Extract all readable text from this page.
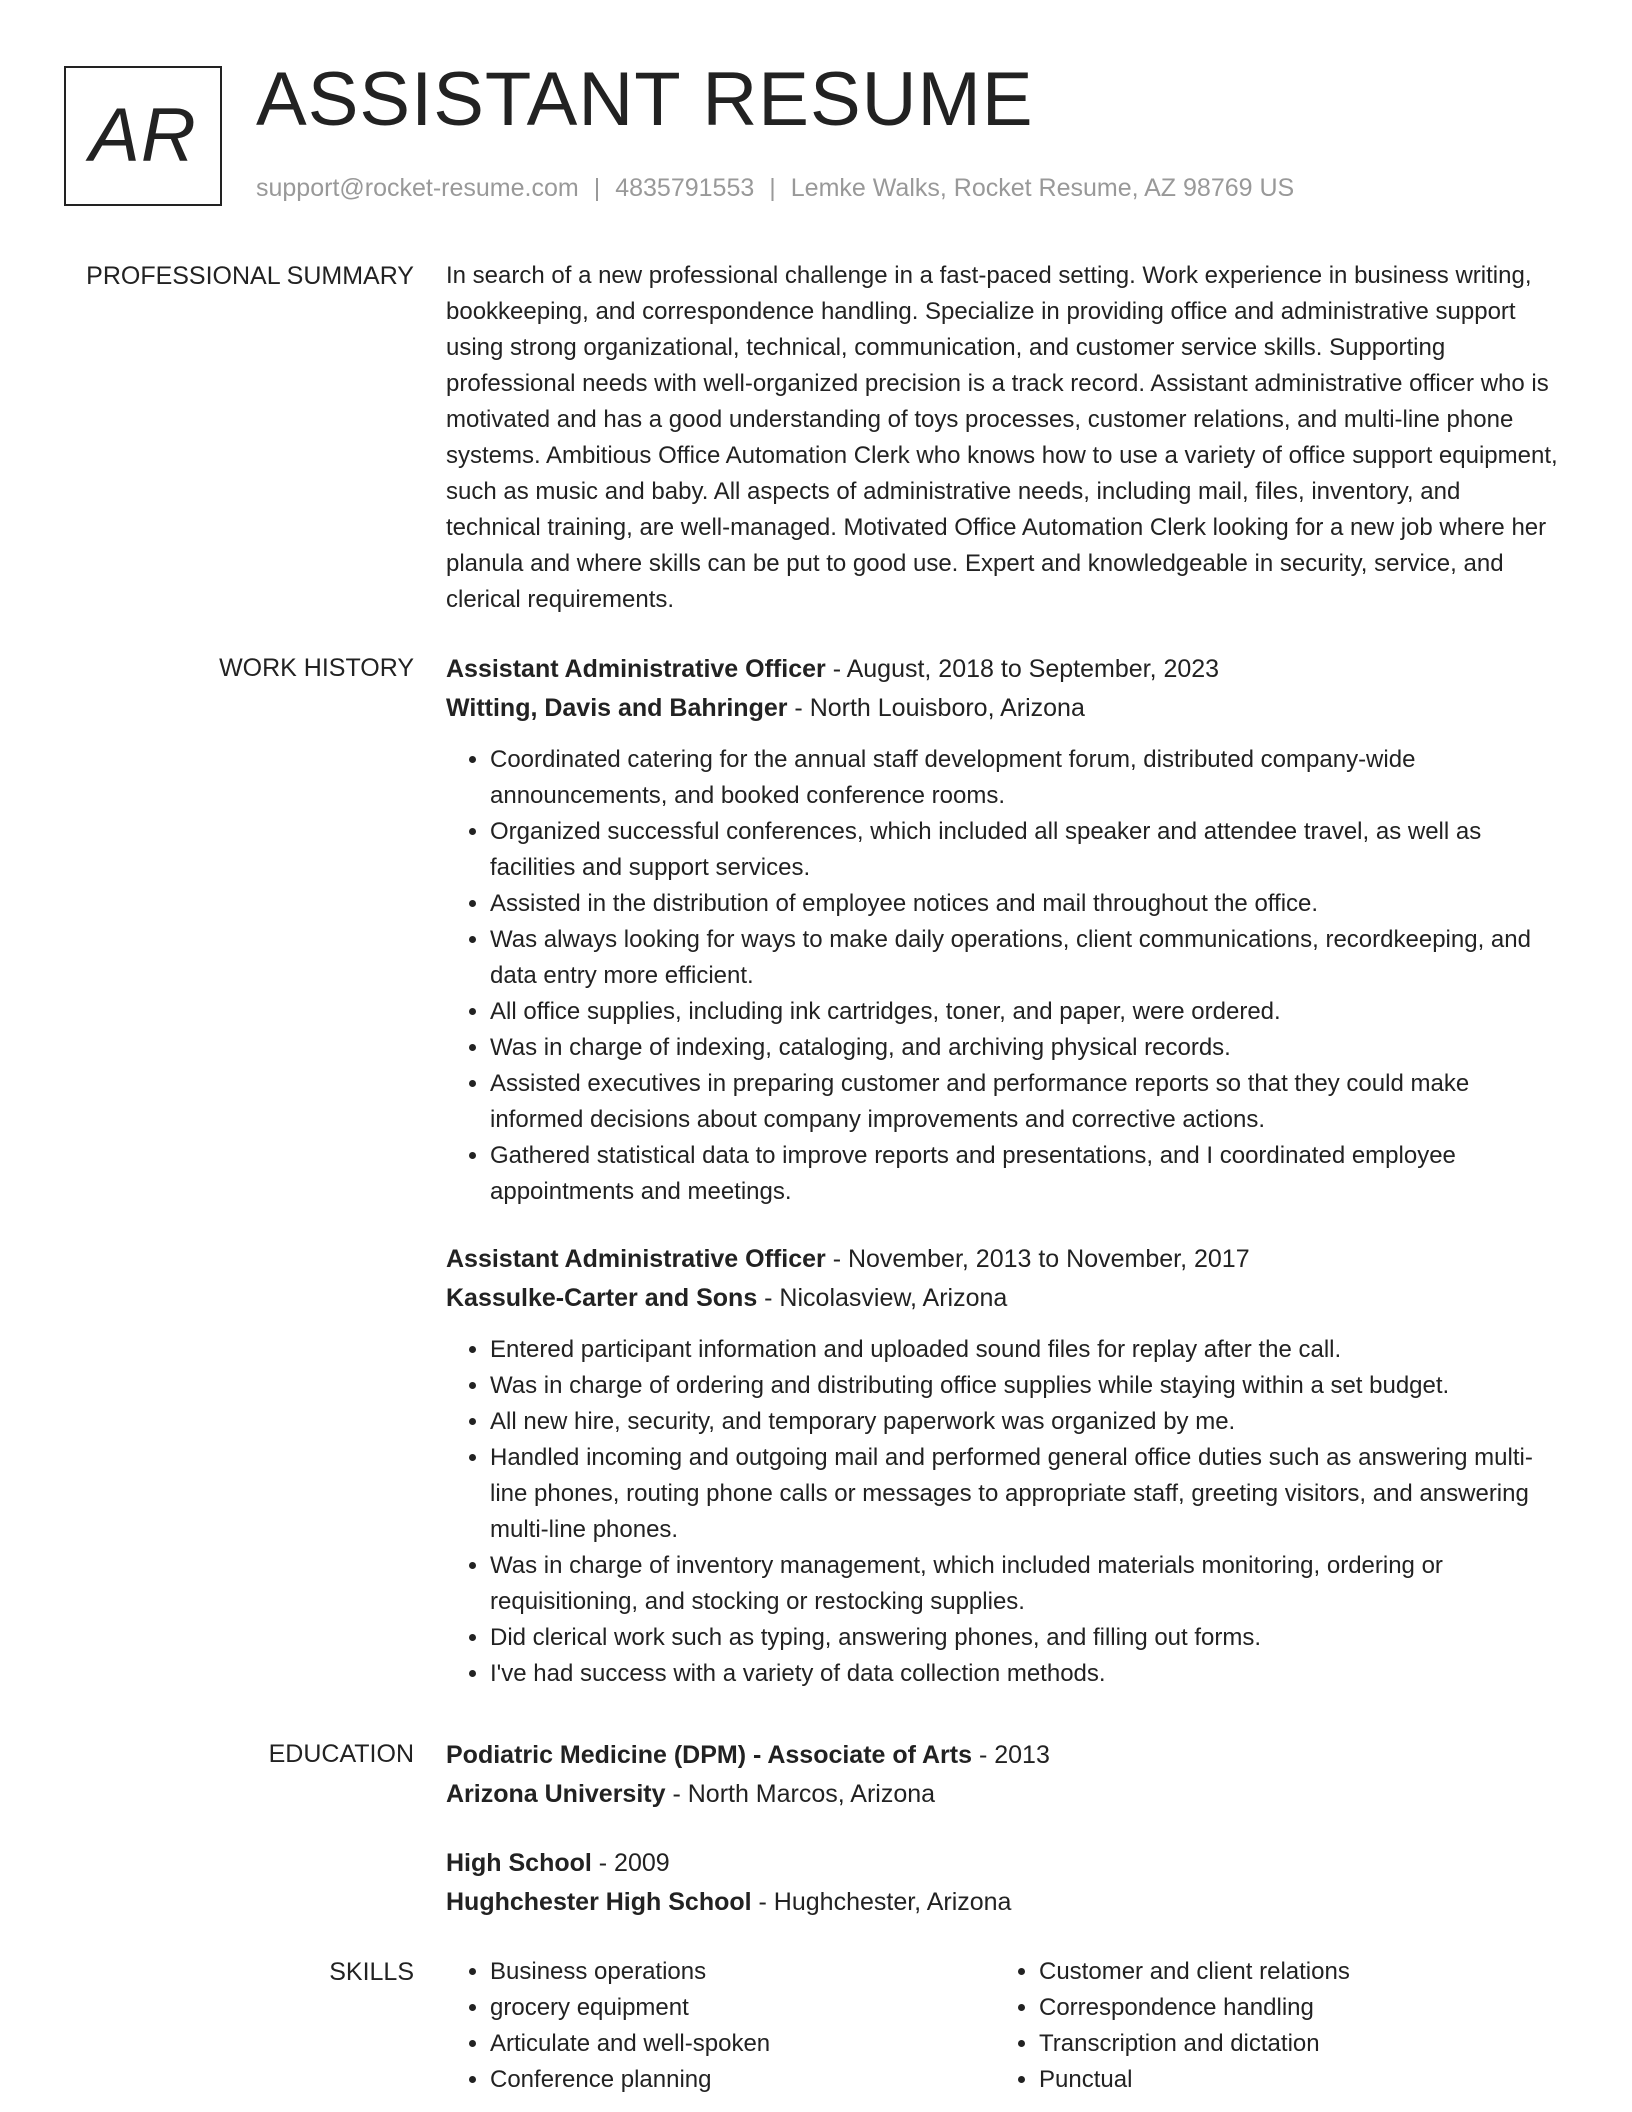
AR ASSISTANT RESUME
support@rocket-resume.com | 4835791553 | Lemke Walks, Rocket Resume, AZ 98769 US
PROFESSIONAL SUMMARY In search of a new professional challenge in a fast-paced setting. Work experience in business writing, bookkeeping, and correspondence handling. Specialize in providing office and administrative support using strong organizational, technical, communication, and customer service skills. Supporting professional needs with well-organized precision is a track record. Assistant administrative officer who is motivated and has a good understanding of toys processes, customer relations, and multi-line phone systems. Ambitious Office Automation Clerk who knows how to use a variety of office support equipment, such as music and baby. All aspects of administrative needs, including mail, files, inventory, and technical training, are well-managed. Motivated Office Automation Clerk looking for a new job where her planula and where skills can be put to good use. Expert and knowledgeable in security, service, and clerical requirements.

WORK HISTORY Assistant Administrative Officer - August, 2018 to September, 2023
Witting, Davis and Bahringer - North Louisboro, Arizona
• Coordinated catering for the annual staff development forum, distributed company-wide announcements, and booked conference rooms.
• Organized successful conferences, which included all speaker and attendee travel, as well as facilities and support services.
• Assisted in the distribution of employee notices and mail throughout the office.
• Was always looking for ways to make daily operations, client communications, recordkeeping, and data entry more efficient.
• All office supplies, including ink cartridges, toner, and paper, were ordered.
• Was in charge of indexing, cataloging, and archiving physical records.
• Assisted executives in preparing customer and performance reports so that they could make informed decisions about company improvements and corrective actions.
• Gathered statistical data to improve reports and presentations, and I coordinated employee appointments and meetings.
Assistant Administrative Officer - November, 2013 to November, 2017
Kassulke-Carter and Sons - Nicolasview, Arizona
• Entered participant information and uploaded sound files for replay after the call.
• Was in charge of ordering and distributing office supplies while staying within a set budget.
• All new hire, security, and temporary paperwork was organized by me.
• Handled incoming and outgoing mail and performed general office duties such as answering multi-line phones, routing phone calls or messages to appropriate staff, greeting visitors, and answering multi-line phones.
• Was in charge of inventory management, which included materials monitoring, ordering or requisitioning, and stocking or restocking supplies.
• Did clerical work such as typing, answering phones, and filling out forms.
• I've had success with a variety of data collection methods.
EDUCATION Podiatric Medicine (DPM) - Associate of Arts - 2013
Arizona University - North Marcos, Arizona
High School - 2009
Hughchester High School - Hughchester, Arizona
SKILLS
•	Business operations
• grocery equipment
• Articulate and well-spoken
• Conference planning
• Customer and client relations
• Correspondence handling
• Transcription and dictation
• Punctual
